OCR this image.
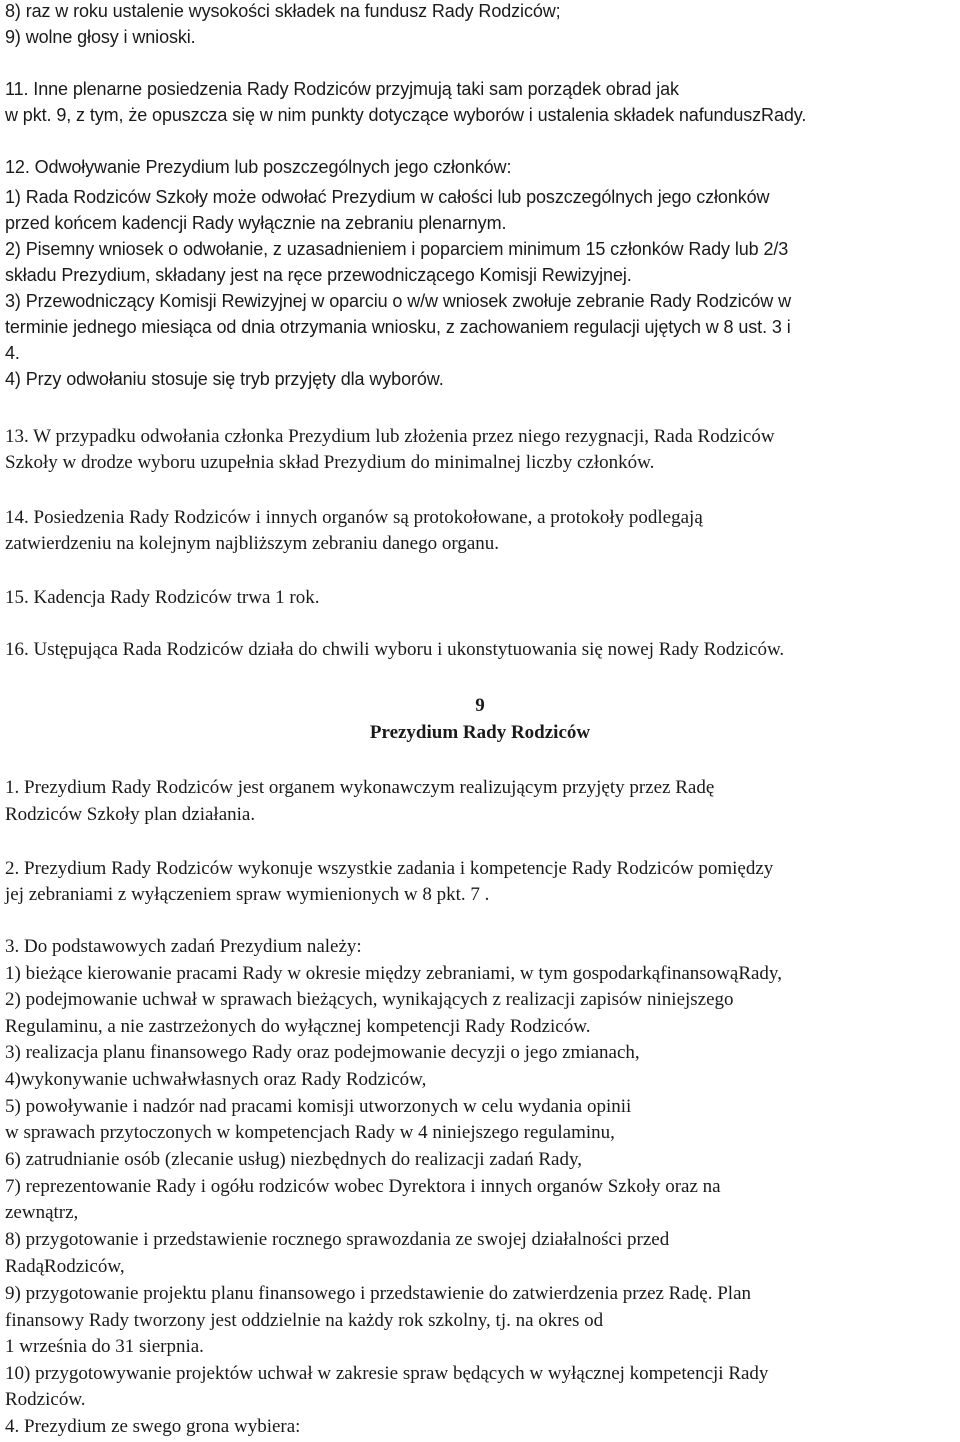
8) raz w roku ustalenie wysokości składek na fundusz Rady Rodziców;
9) wolne głosy i wnioski.
11. Inne plenarne posiedzenia Rady Rodziców przyjmują taki sam porządek obrad jak
w pkt. 9, z tym, że opuszcza się w nim punkty dotyczące wyborów i ustalenia składek nafunduszRady.
12. Odwoływanie Prezydium lub poszczególnych jego członków:
1) Rada Rodziców Szkoły może odwołać Prezydium w całości lub poszczególnych jego członków
przed końcem kadencji Rady wyłącznie na zebraniu plenarnym.
2) Pisemny wniosek o odwołanie, z uzasadnieniem i poparciem minimum 15 członków Rady lub 2/3
składu Prezydium, składany jest na ręce przewodniczącego Komisji Rewizyjnej.
3) Przewodniczący Komisji Rewizyjnej w oparciu o w/w wniosek zwołuje zebranie Rady Rodziców w
terminie jednego miesiąca od dnia otrzymania wniosku, z zachowaniem regulacji ujętych w 8 ust. 3 i
4.
4) Przy odwołaniu stosuje się tryb przyjęty dla wyborów.
13. W przypadku odwołania członka Prezydium lub złożenia przez niego rezygnacji, Rada Rodziców
Szkoły w drodze wyboru uzupełnia skład Prezydium do minimalnej liczby członków.
14. Posiedzenia Rady Rodziców i innych organów są protokołowane, a protokoły podlegają
zatwierdzeniu na kolejnym najbliższym zebraniu danego organu.
15. Kadencja Rady Rodziców trwa 1 rok.
16. Ustępująca Rada Rodziców działa do chwili wyboru i ukonstytuowania się nowej Rady Rodziców.
9
Prezydium Rady Rodziców
1. Prezydium Rady Rodziców jest organem wykonawczym realizującym przyjęty przez Radę
Rodziców Szkoły plan działania.
2. Prezydium Rady Rodziców wykonuje wszystkie zadania i kompetencje Rady Rodziców pomiędzy
jej zebraniami z wyłączeniem spraw wymienionych w 8 pkt. 7 .
3. Do podstawowych zadań Prezydium należy:
1) bieżące kierowanie pracami Rady w okresie między zebraniami, w tym gospodarkąfinansowąRady,
2) podejmowanie uchwał w sprawach bieżących, wynikających z realizacji zapisów niniejszego
Regulaminu, a nie zastrzeżonych do wyłącznej kompetencji Rady Rodziców.
3) realizacja planu finansowego Rady oraz podejmowanie decyzji o jego zmianach,
4)wykonywanie uchwałwłasnych oraz Rady Rodziców,
5) powoływanie i nadzór nad pracami komisji utworzonych w celu wydania opinii
w sprawach przytoczonych w kompetencjach Rady w 4 niniejszego regulaminu,
6) zatrudnianie osób (zlecanie usług) niezbędnych do realizacji zadań Rady,
7) reprezentowanie Rady i ogółu rodziców wobec Dyrektora i innych organów Szkoły oraz na
zewnątrz,
8) przygotowanie i przedstawienie rocznego sprawozdania ze swojej działalności przed
RadąRodziców,
9) przygotowanie projektu planu finansowego i przedstawienie do zatwierdzenia przez Radę. Plan
finansowy Rady tworzony jest oddzielnie na każdy rok szkolny, tj. na okres od
1 września do 31 sierpnia.
10) przygotowywanie projektów uchwał w zakresie spraw będących w wyłącznej kompetencji Rady
Rodziców.
4. Prezydium ze swego grona wybiera:
